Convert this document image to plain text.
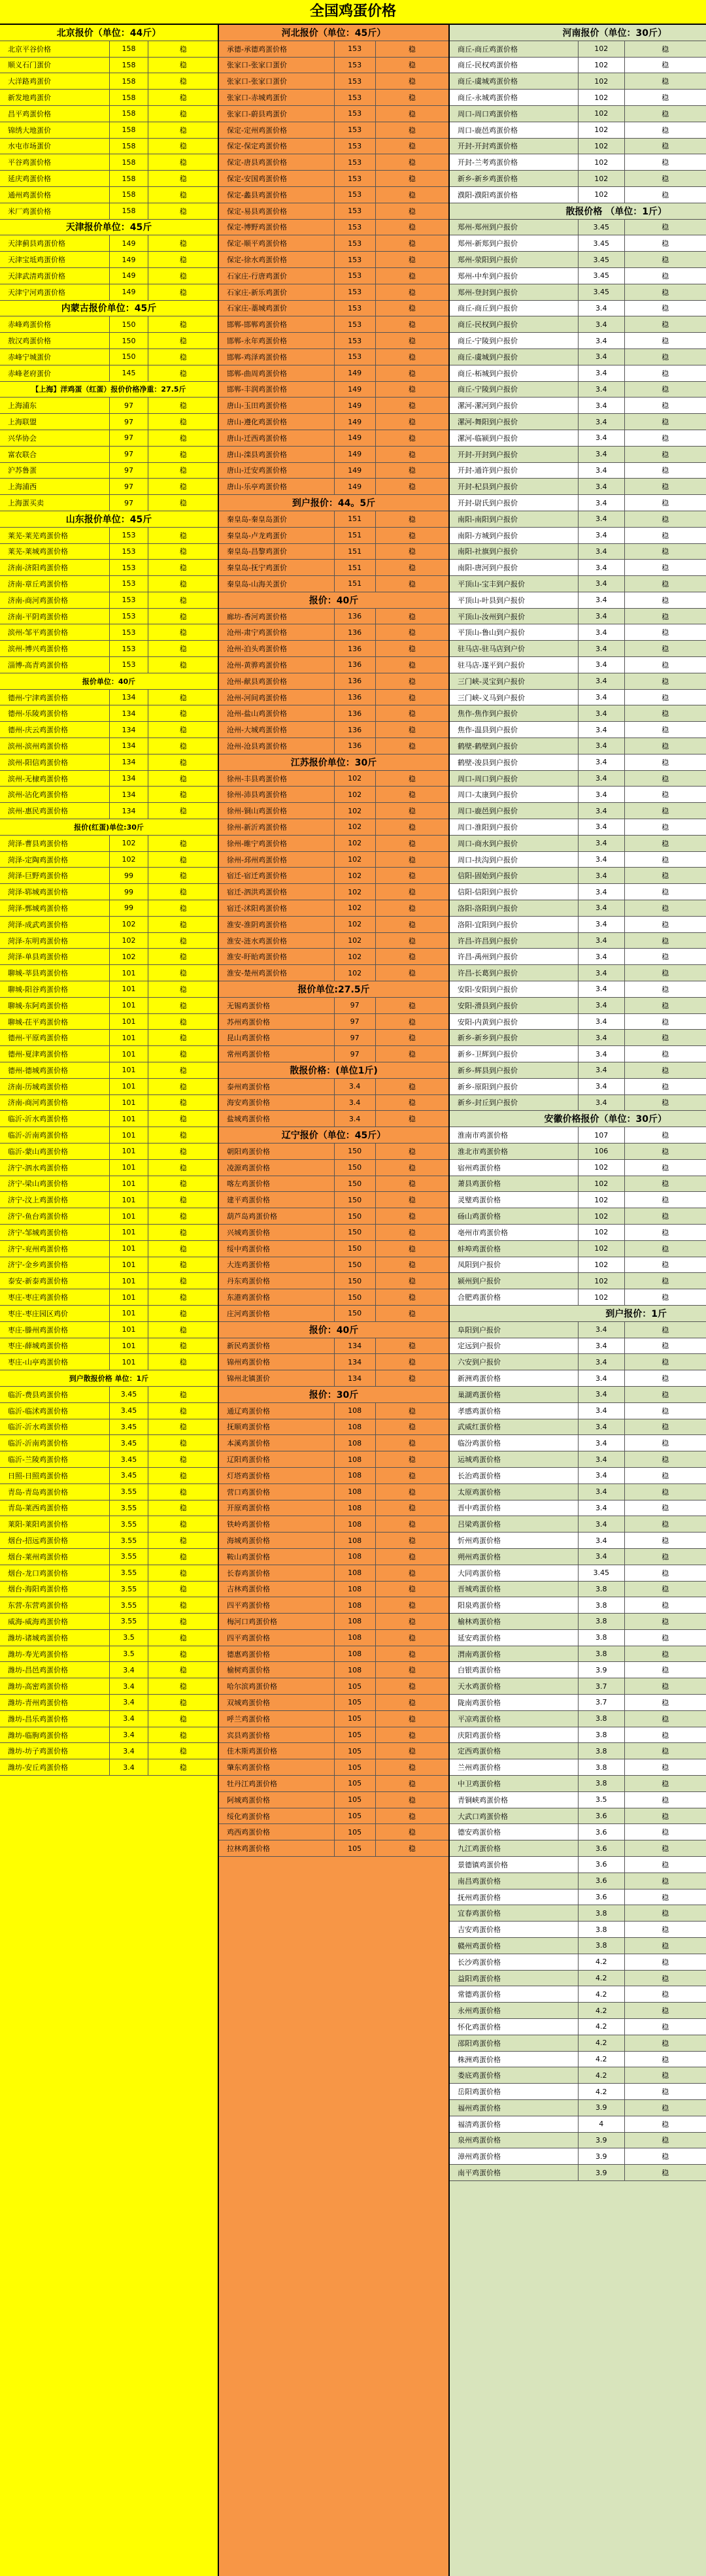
全国鸡蛋价格
北京报价（单位：44斤）
北京平谷价格	158	稳
顺义石门蛋价	158	稳
大洋路鸡蛋价	158	稳
新发地鸡蛋价	158	稳
昌平鸡蛋价格	158	稳
锦绣大地蛋价	158	稳
水屯市场蛋价	158	稳
平谷鸡蛋价格	158	稳
延庆鸡蛋价格	158	稳
通州鸡蛋价格	158	稳
米厂鸡蛋价格	158	稳
天津报价单位：45斤
天津蓟县鸡蛋价格	149	稳
天津宝坻鸡蛋价格	149	稳
天津武清鸡蛋价格	149	稳
天津宁河鸡蛋价格	149	稳
内蒙古报价单位：45斤
赤峰鸡蛋价格	150	稳
敖汉鸡蛋价格	150	稳
赤峰宁城蛋价	150	稳
赤峰老府蛋价	145	稳
【上海】洋鸡蛋（红蛋）报价价格净重：27.5斤
上海浦东	97	稳
上海联盟	97	稳
兴华协会	97	稳
富农联合	97	稳
沪苏鲁蛋	97	稳
上海浦西	97	稳
上海蛋买卖	97	稳
山东报价单位：45斤
莱芜-莱芜鸡蛋价格	153	稳
莱芜-莱城鸡蛋价格	153	稳
济南-济阳鸡蛋价格	153	稳
济南-章丘鸡蛋价格	153	稳
济南-商河鸡蛋价格	153	稳
济南-平阴鸡蛋价格	153	稳
滨州-邹平鸡蛋价格	153	稳
滨州-博兴鸡蛋价格	153	稳
淄博-高青鸡蛋价格	153	稳
报价单位：40斤
德州-宁津鸡蛋价格	134	稳
德州-乐陵鸡蛋价格	134	稳
德州-庆云鸡蛋价格	134	稳
滨州-滨州鸡蛋价格	134	稳
滨州-阳信鸡蛋价格	134	稳
滨州-无棣鸡蛋价格	134	稳
滨州-沾化鸡蛋价格	134	稳
滨州-惠民鸡蛋价格	134	稳
报价(红蛋)单位:30斤
菏泽-曹县鸡蛋价格	102	稳
菏泽-定陶鸡蛋价格	102	稳
菏泽-巨野鸡蛋价格	99	稳
菏泽-郓城鸡蛋价格	99	稳
菏泽-鄄城鸡蛋价格	99	稳
菏泽-成武鸡蛋价格	102	稳
菏泽-东明鸡蛋价格	102	稳
菏泽-单县鸡蛋价格	102	稳
聊城-莘县鸡蛋价格	101	稳
聊城-阳谷鸡蛋价格	101	稳
聊城-东阿鸡蛋价格	101	稳
聊城-茌平鸡蛋价格	101	稳
德州-平原鸡蛋价格	101	稳
德州-夏津鸡蛋价格	101	稳
德州-德城鸡蛋价格	101	稳
济南-历城鸡蛋价格	101	稳
济南-商河鸡蛋价格	101	稳
临沂-沂水鸡蛋价格	101	稳
临沂-沂南鸡蛋价格	101	稳
临沂-蒙山鸡蛋价格	101	稳
济宁-泗水鸡蛋价格	101	稳
济宁-梁山鸡蛋价格	101	稳
济宁-汶上鸡蛋价格	101	稳
济宁-鱼台鸡蛋价格	101	稳
济宁-邹城鸡蛋价格	101	稳
济宁-兖州鸡蛋价格	101	稳
济宁-金乡鸡蛋价格	101	稳
泰安-新泰鸡蛋价格	101	稳
枣庄-枣庄鸡蛋价格	101	稳
枣庄-枣庄园区鸡价	101	稳
枣庄-滕州鸡蛋价格	101	稳
枣庄-薛城鸡蛋价格	101	稳
枣庄-山亭鸡蛋价格	101	稳
到户散报价格 单位：1斤
临沂-费县鸡蛋价格	3.45	稳
临沂-临沭鸡蛋价格	3.45	稳
临沂-沂水鸡蛋价格	3.45	稳
临沂-沂南鸡蛋价格	3.45	稳
临沂-兰陵鸡蛋价格	3.45	稳
日照-日照鸡蛋价格	3.45	稳
青岛-青岛鸡蛋价格	3.55	稳
青岛-莱西鸡蛋价格	3.55	稳
莱阳-莱阳鸡蛋价格	3.55	稳
烟台-招远鸡蛋价格	3.55	稳
烟台-莱州鸡蛋价格	3.55	稳
烟台-龙口鸡蛋价格	3.55	稳
烟台-海阳鸡蛋价格	3.55	稳
东营-东营鸡蛋价格	3.55	稳
威海-威海鸡蛋价格	3.55	稳
潍坊-诸城鸡蛋价格	3.5	稳
潍坊-寿光鸡蛋价格	3.5	稳
潍坊-昌邑鸡蛋价格	3.4	稳
潍坊-高密鸡蛋价格	3.4	稳
潍坊-青州鸡蛋价格	3.4	稳
潍坊-昌乐鸡蛋价格	3.4	稳
潍坊-临朐鸡蛋价格	3.4	稳
潍坊-坊子鸡蛋价格	3.4	稳
潍坊-安丘鸡蛋价格	3.4	稳
河北报价（单位：45斤）
承德-承德鸡蛋价格	153	稳
张家口-张家口蛋价	153	稳
张家口-张家口蛋价	153	稳
张家口-赤城鸡蛋价	153	稳
张家口-蔚县鸡蛋价	153	稳
保定-定州鸡蛋价格	153	稳
保定-保定鸡蛋价格	153	稳
保定-唐县鸡蛋价格	153	稳
保定-安国鸡蛋价格	153	稳
保定-蠡县鸡蛋价格	153	稳
保定-易县鸡蛋价格	153	稳
保定-博野鸡蛋价格	153	稳
保定-顺平鸡蛋价格	153	稳
保定-徐水鸡蛋价格	153	稳
石家庄-行唐鸡蛋价	153	稳
石家庄-新乐鸡蛋价	153	稳
石家庄-藁城鸡蛋价	153	稳
邯郸-邯郸鸡蛋价格	153	稳
邯郸-永年鸡蛋价格	153	稳
邯郸-鸡泽鸡蛋价格	153	稳
邯郸-曲周鸡蛋价格	149	稳
邯郸-丰润鸡蛋价格	149	稳
唐山-玉田鸡蛋价格	149	稳
唐山-遵化鸡蛋价格	149	稳
唐山-迁西鸡蛋价格	149	稳
唐山-滦县鸡蛋价格	149	稳
唐山-迁安鸡蛋价格	149	稳
唐山-乐亭鸡蛋价格	149	稳
到户报价：44。5斤
秦皇岛-秦皇岛蛋价	151	稳
秦皇岛-卢龙鸡蛋价	151	稳
秦皇岛-昌黎鸡蛋价	151	稳
秦皇岛-抚宁鸡蛋价	151	稳
秦皇岛-山海关蛋价	151	稳
报价：40斤
廊坊-香河鸡蛋价格	136	稳
沧州-肃宁鸡蛋价格	136	稳
沧州-泊头鸡蛋价格	136	稳
沧州-黄骅鸡蛋价格	136	稳
沧州-献县鸡蛋价格	136	稳
沧州-河间鸡蛋价格	136	稳
沧州-盐山鸡蛋价格	136	稳
沧州-大城鸡蛋价格	136	稳
沧州-沧县鸡蛋价格	136	稳
江苏报价单位：30斤
徐州-丰县鸡蛋价格	102	稳
徐州-沛县鸡蛋价格	102	稳
徐州-铜山鸡蛋价格	102	稳
徐州-新沂鸡蛋价格	102	稳
徐州-睢宁鸡蛋价格	102	稳
徐州-邳州鸡蛋价格	102	稳
宿迁-宿迁鸡蛋价格	102	稳
宿迁-泗洪鸡蛋价格	102	稳
宿迁-沭阳鸡蛋价格	102	稳
淮安-淮阴鸡蛋价格	102	稳
淮安-涟水鸡蛋价格	102	稳
淮安-盱眙鸡蛋价格	102	稳
淮安-楚州鸡蛋价格	102	稳
报价单位:27.5斤
无锡鸡蛋价格	97	稳
苏州鸡蛋价格	97	稳
昆山鸡蛋价格	97	稳
常州鸡蛋价格	97	稳
散报价格：(单位1斤)
泰州鸡蛋价格	3.4	稳
海安鸡蛋价格	3.4	稳
盐城鸡蛋价格	3.4	稳
辽宁报价（单位：45斤）
朝阳鸡蛋价格	150	稳
凌源鸡蛋价格	150	稳
喀左鸡蛋价格	150	稳
建平鸡蛋价格	150	稳
葫芦岛鸡蛋价格	150	稳
兴城鸡蛋价格	150	稳
绥中鸡蛋价格	150	稳
大连鸡蛋价格	150	稳
丹东鸡蛋价格	150	稳
东港鸡蛋价格	150	稳
庄河鸡蛋价格	150	稳
报价：40斤
新民鸡蛋价格	134	稳
锦州鸡蛋价格	134	稳
锦州北镇蛋价	134	稳
报价：30斤
通辽鸡蛋价格	108	稳
抚顺鸡蛋价格	108	稳
本溪鸡蛋价格	108	稳
辽阳鸡蛋价格	108	稳
灯塔鸡蛋价格	108	稳
营口鸡蛋价格	108	稳
开原鸡蛋价格	108	稳
铁岭鸡蛋价格	108	稳
海城鸡蛋价格	108	稳
鞍山鸡蛋价格	108	稳
长春鸡蛋价格	108	稳
吉林鸡蛋价格	108	稳
四平鸡蛋价格	108	稳
梅河口鸡蛋价格	108	稳
四平鸡蛋价格	108	稳
德惠鸡蛋价格	108	稳
榆树鸡蛋价格	108	稳
哈尔滨鸡蛋价格	105	稳
双城鸡蛋价格	105	稳
呼兰鸡蛋价格	105	稳
宾县鸡蛋价格	105	稳
佳木斯鸡蛋价格	105	稳
肇东鸡蛋价格	105	稳
牡丹江鸡蛋价格	105	稳
阿城鸡蛋价格	105	稳
绥化鸡蛋价格	105	稳
鸡西鸡蛋价格	105	稳
拉林鸡蛋价格	105	稳
河南报价（单位：30斤）
商丘-商丘鸡蛋价格	102	稳
商丘-民权鸡蛋价格	102	稳
商丘-虞城鸡蛋价格	102	稳
商丘-永城鸡蛋价格	102	稳
周口-周口鸡蛋价格	102	稳
周口-鹿邑鸡蛋价格	102	稳
开封-开封鸡蛋价格	102	稳
开封-兰考鸡蛋价格	102	稳
新乡-新乡鸡蛋价格	102	稳
濮阳-濮阳鸡蛋价格	102	稳
散报价格 （单位：1斤）
郑州-郑州到户报价	3.45	稳
郑州-新郑到户报价	3.45	稳
郑州-荥阳到户报价	3.45	稳
郑州-中牟到户报价	3.45	稳
郑州-登封到户报价	3.45	稳
商丘-商丘到户报价	3.4	稳
商丘-民权到户报价	3.4	稳
商丘-宁陵到户报价	3.4	稳
商丘-虞城到户报价	3.4	稳
商丘-柘城到户报价	3.4	稳
商丘-宁陵到户报价	3.4	稳
漯河-漯河到户报价	3.4	稳
漯河-舞阳到户报价	3.4	稳
漯河-临颍到户报价	3.4	稳
开封-开封到户报价	3.4	稳
开封-通许到户报价	3.4	稳
开封-杞县到户报价	3.4	稳
开封-尉氏到户报价	3.4	稳
南阳-南阳到户报价	3.4	稳
南阳-方城到户报价	3.4	稳
南阳-社旗到户报价	3.4	稳
南阳-唐河到户报价	3.4	稳
平顶山-宝丰到户报价	3.4	稳
平顶山-叶县到户报价	3.4	稳
平顶山-汝州到户报价	3.4	稳
平顶山-鲁山到户报价	3.4	稳
驻马店-驻马店到户价	3.4	稳
驻马店-遂平到户报价	3.4	稳
三门峡-灵宝到户报价	3.4	稳
三门峡-义马到户报价	3.4	稳
焦作-焦作到户报价	3.4	稳
焦作-温县到户报价	3.4	稳
鹤壁-鹤壁到户报价	3.4	稳
鹤壁-浚县到户报价	3.4	稳
周口-周口到户报价	3.4	稳
周口-太康到户报价	3.4	稳
周口-鹿邑到户报价	3.4	稳
周口-淮阳到户报价	3.4	稳
周口-商水到户报价	3.4	稳
周口-扶沟到户报价	3.4	稳
信阳-固始到户报价	3.4	稳
信阳-信阳到户报价	3.4	稳
洛阳-洛阳到户报价	3.4	稳
洛阳-宜阳到户报价	3.4	稳
许昌-许昌到户报价	3.4	稳
许昌-禹州到户报价	3.4	稳
许昌-长葛到户报价	3.4	稳
安阳-安阳到户报价	3.4	稳
安阳-滑县到户报价	3.4	稳
安阳-内黄到户报价	3.4	稳
新乡-新乡到户报价	3.4	稳
新乡-卫辉到户报价	3.4	稳
新乡-辉县到户报价	3.4	稳
新乡-原阳到户报价	3.4	稳
新乡-封丘到户报价	3.4	稳
安徽价格报价（单位：30斤）
淮南市鸡蛋价格	107	稳
淮北市鸡蛋价格	106	稳
宿州鸡蛋价格	102	稳
萧县鸡蛋价格	102	稳
灵璧鸡蛋价格	102	稳
砀山鸡蛋价格	102	稳
亳州市鸡蛋价格	102	稳
蚌埠鸡蛋价格	102	稳
凤阳到户报价	102	稳
颍州到户报价	102	稳
合肥鸡蛋价格	102	稳
到户报价：1斤
阜阳到户报价	3.4	稳
定远到户报价	3.4	稳
六安到户报价	3.4	稳
新洲鸡蛋价格	3.4	稳
巢湖鸡蛋价格	3.4	稳
孝感鸡蛋价格	3.4	稳
武威红蛋价格	3.4	稳
临汾鸡蛋价格	3.4	稳
运城鸡蛋价格	3.4	稳
长治鸡蛋价格	3.4	稳
太原鸡蛋价格	3.4	稳
晋中鸡蛋价格	3.4	稳
吕梁鸡蛋价格	3.4	稳
忻州鸡蛋价格	3.4	稳
朔州鸡蛋价格	3.4	稳
大同鸡蛋价格	3.45	稳
晋城鸡蛋价格	3.8	稳
阳泉鸡蛋价格	3.8	稳
榆林鸡蛋价格	3.8	稳
延安鸡蛋价格	3.8	稳
渭南鸡蛋价格	3.8	稳
白银鸡蛋价格	3.9	稳
天水鸡蛋价格	3.7	稳
陇南鸡蛋价格	3.7	稳
平凉鸡蛋价格	3.8	稳
庆阳鸡蛋价格	3.8	稳
定西鸡蛋价格	3.8	稳
兰州鸡蛋价格	3.8	稳
中卫鸡蛋价格	3.8	稳
青铜峡鸡蛋价格	3.5	稳
大武口鸡蛋价格	3.6	稳
德安鸡蛋价格	3.6	稳
九江鸡蛋价格	3.6	稳
景德镇鸡蛋价格	3.6	稳
南昌鸡蛋价格	3.6	稳
抚州鸡蛋价格	3.6	稳
宜春鸡蛋价格	3.8	稳
吉安鸡蛋价格	3.8	稳
赣州鸡蛋价格	3.8	稳
长沙鸡蛋价格	4.2	稳
益阳鸡蛋价格	4.2	稳
常德鸡蛋价格	4.2	稳
永州鸡蛋价格	4.2	稳
怀化鸡蛋价格	4.2	稳
邵阳鸡蛋价格	4.2	稳
株洲鸡蛋价格	4.2	稳
娄底鸡蛋价格	4.2	稳
岳阳鸡蛋价格	4.2	稳
福州鸡蛋价格	3.9	稳
福清鸡蛋价格	4	稳
泉州鸡蛋价格	3.9	稳
漳州鸡蛋价格	3.9	稳
南平鸡蛋价格	3.9	稳
